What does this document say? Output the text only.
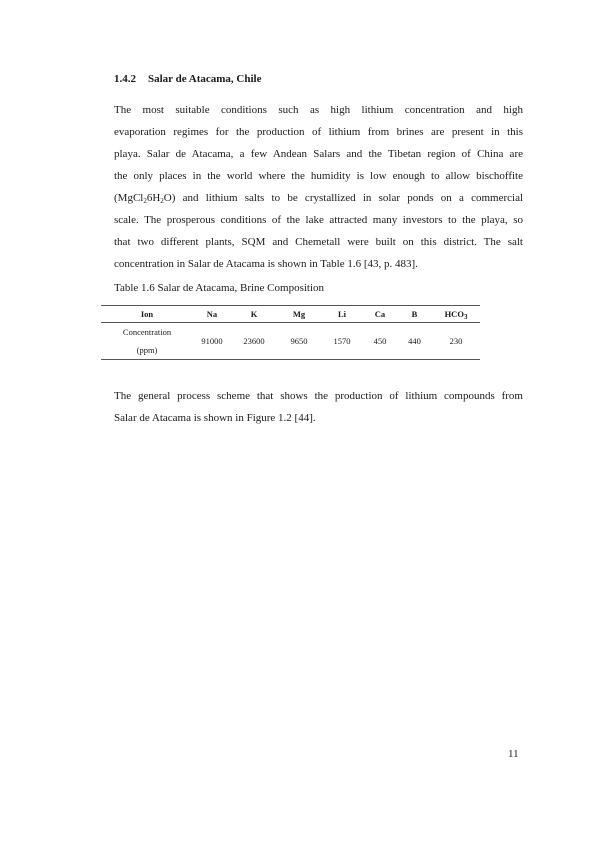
1.4.2 Salar de Atacama, Chile
The most suitable conditions such as high lithium concentration and high
evaporation regimes for the production of lithium from brines are present in this
playa. Salar de Atacama, a few Andean Salars and the Tibetan region of China are
the only places in the world where the humidity is low enough to allow bischoffite
$(MgCl_26H_2O)$ and lithium salts to be crystallized in solar ponds on a commercial
scale. The prosperous conditions of the lake attracted many investors to the playa, so
that two different plants, SQM and Chemetall were built on this district. The salt
concentration in Salar de Atacama is shown in Table 1.6 [43, p. 483].
Table 1.6 Salar de Atacama, Brine Composition
Ion	Na	K	Mg	Li	Ca	B	$HCO_3$
Concentration
(ppm)	91000	23600	9650	1570	450	440	230
The general process scheme that shows the production of lithium compounds from
Salar de Atacama is shown in Figure 1.2 [44].
11
